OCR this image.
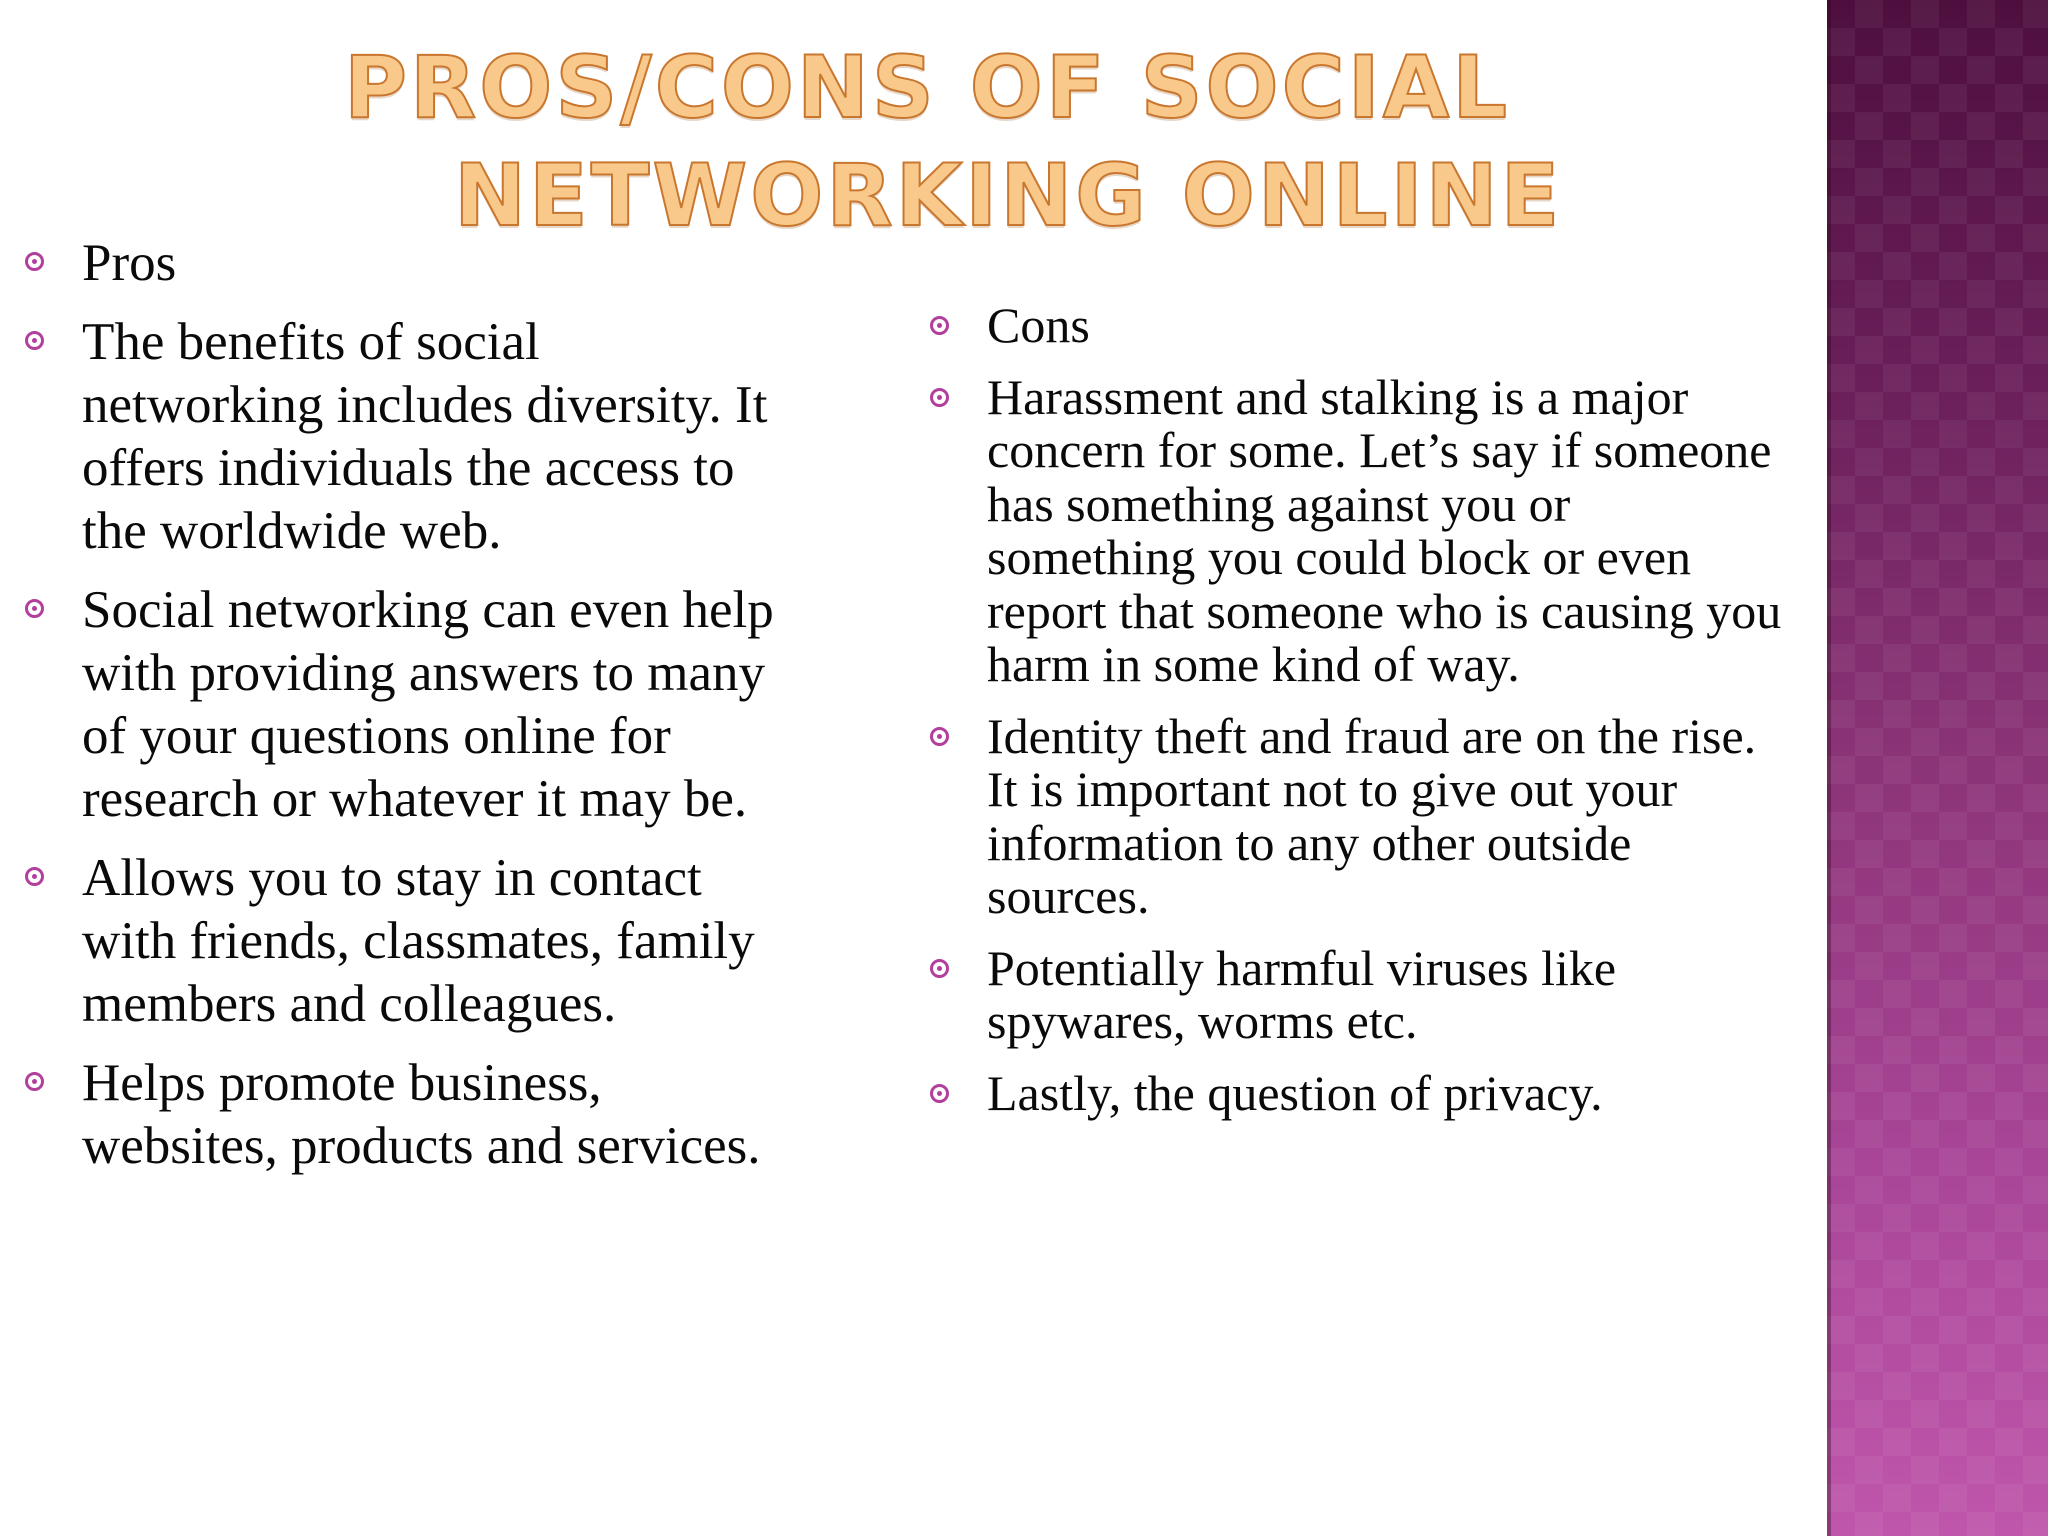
PROS/CONS OF SOCIAL
NETWORKING ONLINE
Pros
The benefits of social networking includes diversity. It offers individuals the access to the worldwide web.
Social networking can even help with providing answers to many of your questions online for research or whatever it may be.
Allows you to stay in contact with friends, classmates, family members and colleagues.
Helps promote business, websites, products and services.
Cons
Harassment and stalking is a major concern for some. Let’s say if someone has something against you or something you could block or even report that someone who is causing you harm in some kind of way.
Identity theft and fraud are on the rise. It is important not to give out your information to any other outside sources.
Potentially harmful viruses like spywares, worms etc.
Lastly, the question of privacy.
